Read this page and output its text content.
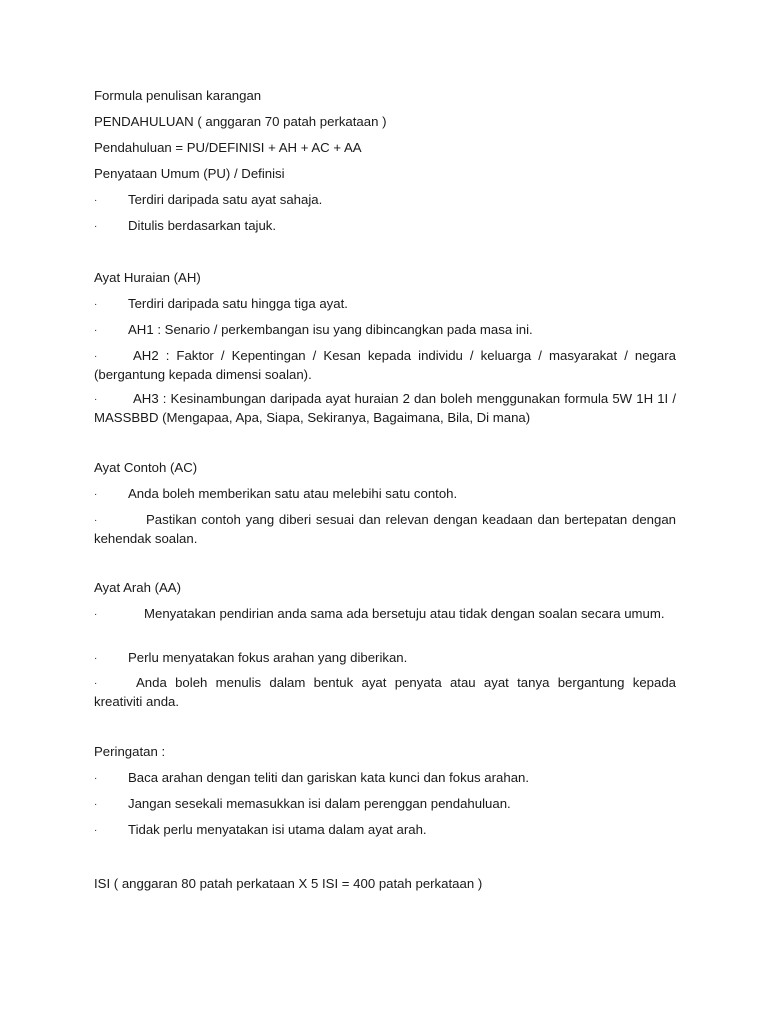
Formula penulisan karangan
PENDAHULUAN ( anggaran 70 patah perkataan )
Pendahuluan = PU/DEFINISI + AH + AC + AA
Penyataan Umum (PU) / Definisi
· Terdiri daripada satu ayat sahaja.
· Ditulis berdasarkan tajuk.
Ayat Huraian (AH)
· Terdiri daripada satu hingga tiga ayat.
· AH1 : Senario / perkembangan isu yang dibincangkan pada masa ini.
·	AH2 : Faktor / Kepentingan / Kesan kepada individu / keluarga / masyarakat / negara (bergantung kepada dimensi soalan).
·	AH3 : Kesinambungan daripada ayat huraian 2 dan boleh menggunakan formula 5W 1H 1I / MASSBBD (Mengapaa, Apa, Siapa, Sekiranya, Bagaimana, Bila, Di mana)
Ayat Contoh (AC)
· Anda boleh memberikan satu atau melebihi satu contoh.
·	Pastikan contoh yang diberi sesuai dan relevan dengan keadaan dan bertepatan dengan kehendak soalan.
Ayat Arah (AA)
·	Menyatakan pendirian anda sama ada bersetuju atau tidak dengan soalan secara umum.
· Perlu menyatakan fokus arahan yang diberikan.
·	Anda boleh menulis dalam bentuk ayat penyata atau ayat tanya bergantung kepada kreativiti anda.
Peringatan :
· Baca arahan dengan teliti dan gariskan kata kunci dan fokus arahan.
· Jangan sesekali memasukkan isi dalam perenggan pendahuluan.
· Tidak perlu menyatakan isi utama dalam ayat arah.
ISI ( anggaran 80 patah perkataan X 5 ISI = 400 patah perkataan )
